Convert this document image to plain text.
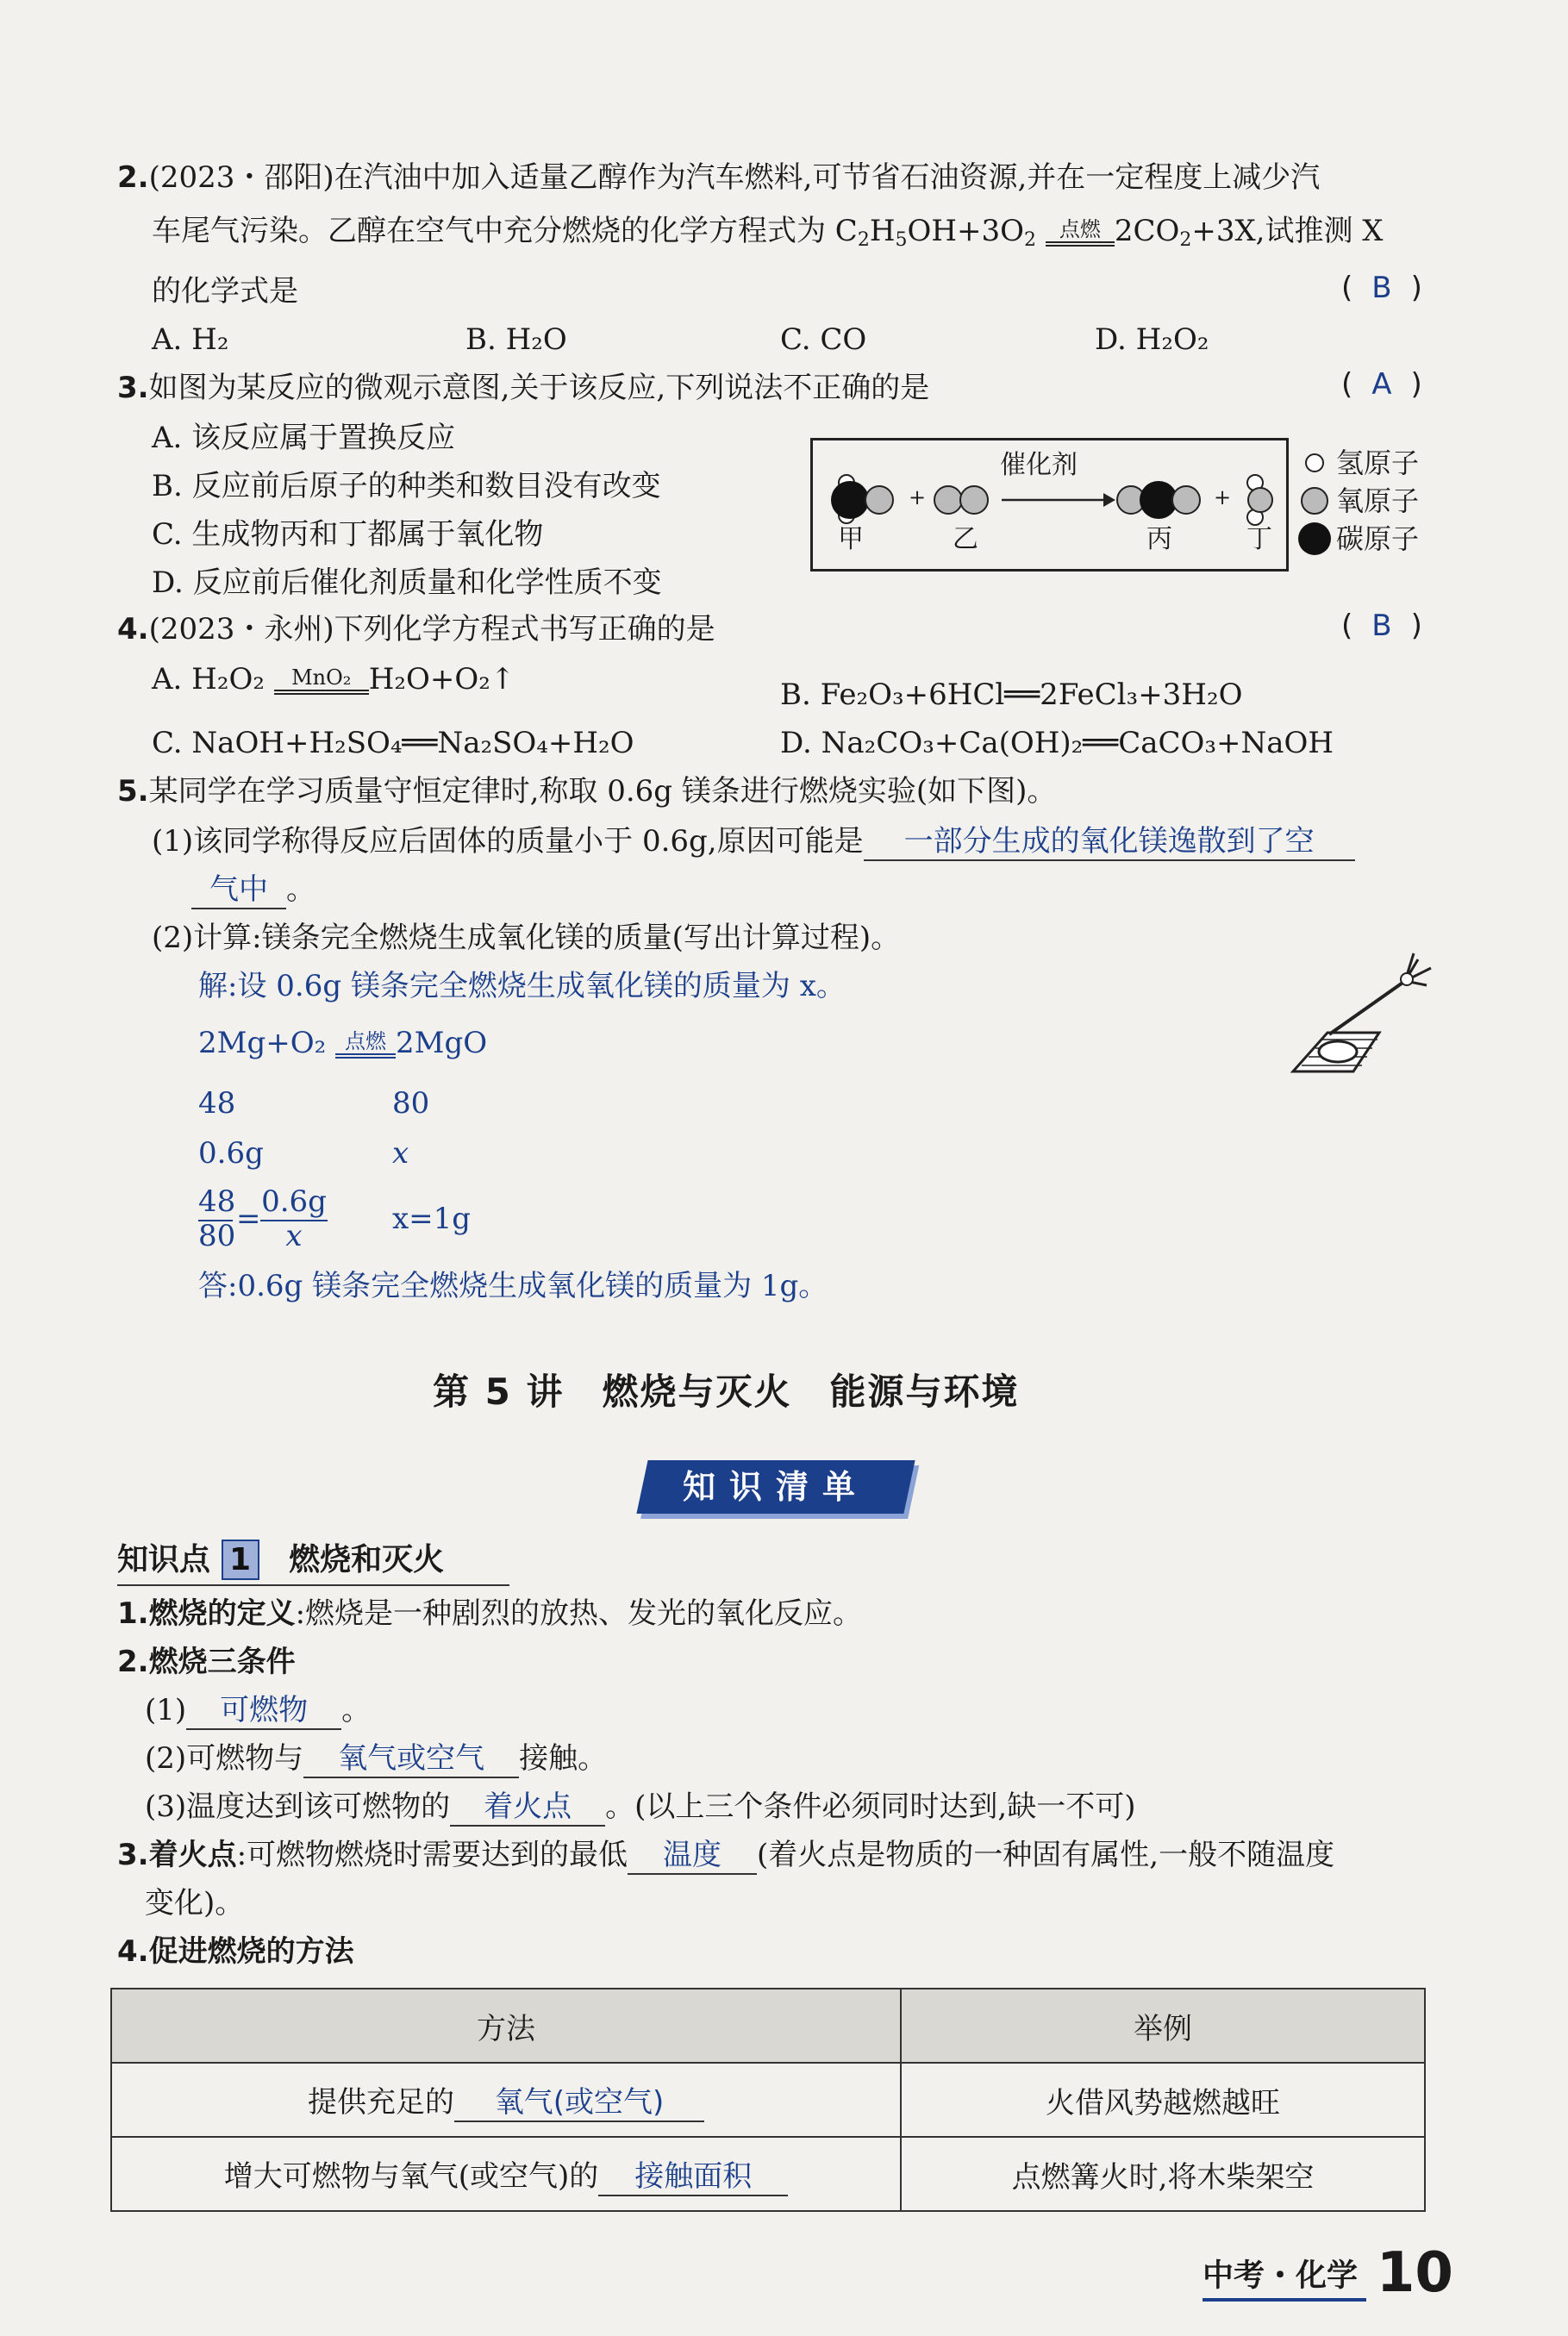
2.(2023・邵阳)在汽油中加入适量乙醇作为汽车燃料,可节省石油资源,并在一定程度上减少汽
车尾气污染。乙醇在空气中充分燃烧的化学方程式为 $C_2H_5OH+3O_2$	点燃 $2CO_2+3X$,试推测 X
的化学式是	( B )
A. H₂	B. H₂O	C. CO	D. H₂O₂
3.如图为某反应的微观示意图,关于该反应,下列说法不正确的是	( A )
A. 该反应属于置换反应
B. 反应前后原子的种类和数目没有改变
C. 生成物丙和丁都属于氧化物
D. 反应前后催化剂质量和化学性质不变
+	+
催化剂
甲	乙	丙	丁
氢原子
氧原子
碳原子
4.(2023・永州)下列化学方程式书写正确的是	( B )
A. H₂O₂	MnO₂ H₂O+O₂↑	B. Fe₂O₃+6HCl══2FeCl₃+3H₂O
C. NaOH+H₂SO₄══Na₂SO₄+H₂O	D. Na₂CO₃+Ca(OH)₂══CaCO₃+NaOH
5.某同学在学习质量守恒定律时,称取 0.6g 镁条进行燃烧实验(如下图)。
(1)该同学称得反应后固体的质量小于 0.6g,原因可能是 一部分生成的氧化镁逸散到了空
气中 。
(2)计算:镁条完全燃烧生成氧化镁的质量(写出计算过程)。
解:设 0.6g 镁条完全燃烧生成氧化镁的质量为 x。
2Mg+O₂ 点燃 2MgO
48	80
0.6g	x
48
80 = 0.6g
x	x=1g
答:0.6g 镁条完全燃烧生成氧化镁的质量为 1g。
第 5 讲　燃烧与灭火　能源与环境
知识清单
知识点 1 燃烧和灭火
1.燃烧的定义:燃烧是一种剧烈的放热、发光的氧化反应。
2.燃烧三条件
(1) 可燃物 。
(2)可燃物与 氧气或空气 接触。
(3)温度达到该可燃物的 着火点 。(以上三个条件必须同时达到,缺一不可)
3.着火点:可燃物燃烧时需要达到的最低 温度 (着火点是物质的一种固有属性,一般不随温度
变化)。
4.促进燃烧的方法
方法	举例
提供充足的 氧气(或空气)	火借风势越燃越旺
增大可燃物与氧气(或空气)的 接触面积	点燃篝火时,将木柴架空
中考・化学 10
